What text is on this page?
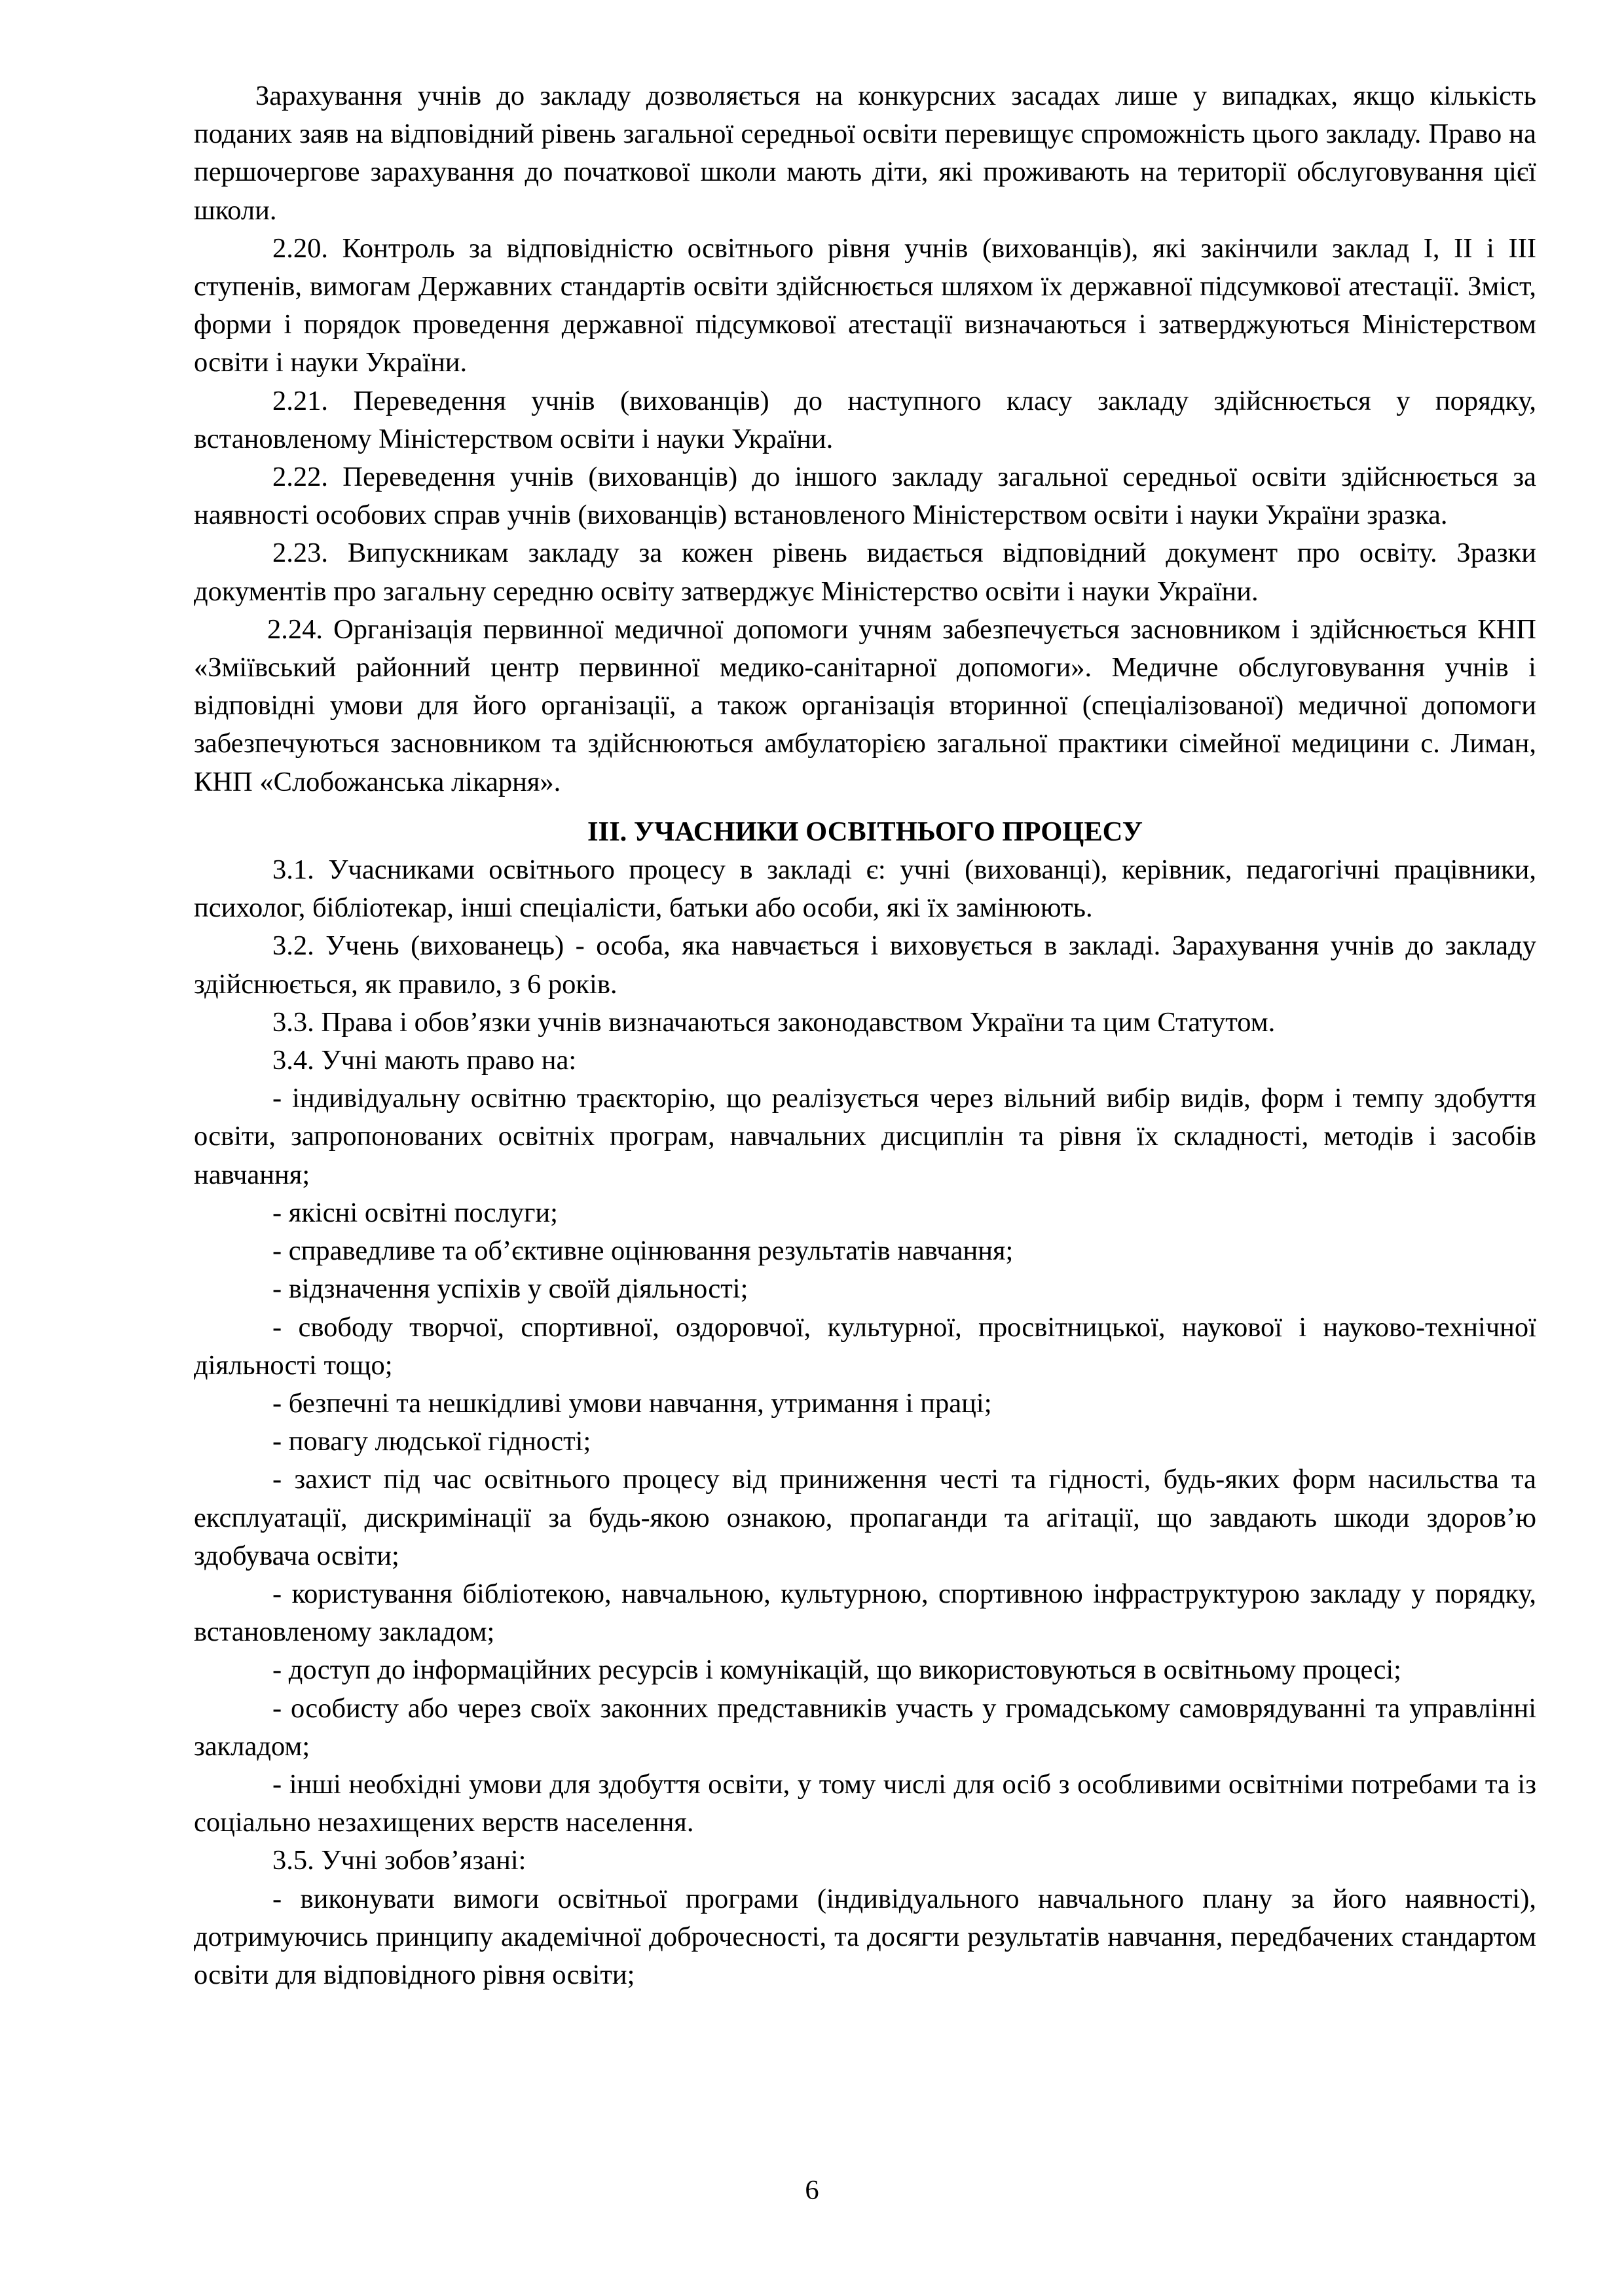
Зарахування учнів до закладу дозволяється на конкурсних засадах лише у випадках, якщо кількість поданих заяв на відповідний рівень загальної середньої освіти перевищує спроможність цього закладу. Право на першочергове зарахування до початкової школи мають діти, які проживають на території обслуговування цієї школи.

2.20. Контроль за відповідністю освітнього рівня учнів (вихованців), які закінчили заклад I, II і III ступенів, вимогам Державних стандартів освіти здійснюється шляхом їх державної підсумкової атестації. Зміст, форми і порядок проведення державної підсумкової атестації визначаються і затверджуються Міністерством освіти і науки України.

2.21. Переведення учнів (вихованців) до наступного класу закладу здійснюється у порядку, встановленому Міністерством освіти і науки України.

2.22. Переведення учнів (вихованців) до іншого закладу загальної середньої освіти здійснюється за наявності особових справ учнів (вихованців) встановленого Міністерством освіти і науки України зразка.

2.23. Випускникам закладу за кожен рівень видається відповідний документ про освіту. Зразки документів про загальну середню освіту затверджує Міністерство освіти і науки України.

2.24. Організація первинної медичної допомоги учням забезпечується засновником і здійснюється КНП «Зміївський районний центр первинної медико-санітарної допомоги». Медичне обслуговування учнів і відповідні умови для його організації, а також організація вторинної (спеціалізованої) медичної допомоги забезпечуються засновником та здійснюються амбулаторією загальної практики сімейної медицини с. Лиман, КНП «Слобожанська лікарня».

III. УЧАСНИКИ ОСВІТНЬОГО ПРОЦЕСУ

3.1. Учасниками освітнього процесу в закладі є: учні (вихованці), керівник, педагогічні працівники, психолог, бібліотекар, інші спеціалісти, батьки або особи, які їх замінюють.

3.2. Учень (вихованець) - особа, яка навчається і виховується в закладі. Зарахування учнів до закладу здійснюється, як правило, з 6 років.

3.3. Права і обов’язки учнів визначаються законодавством України та цим Статутом.

3.4. Учні мають право на:

- індивідуальну освітню траєкторію, що реалізується через вільний вибір видів, форм і темпу здобуття освіти, запропонованих освітніх програм, навчальних дисциплін та рівня їх складності, методів і засобів навчання;

- якісні освітні послуги;

- справедливе та об’єктивне оцінювання результатів навчання;

- відзначення успіхів у своїй діяльності;

- свободу творчої, спортивної, оздоровчої, культурної, просвітницької, наукової і науково-технічної діяльності тощо;

- безпечні та нешкідливі умови навчання, утримання і праці;

- повагу людської гідності;

- захист під час освітнього процесу від приниження честі та гідності, будь-яких форм насильства та експлуатації, дискримінації за будь-якою ознакою, пропаганди та агітації, що завдають шкоди здоров’ю здобувача освіти;

- користування бібліотекою, навчальною, культурною, спортивною інфраструктурою закладу у порядку, встановленому закладом;

- доступ до інформаційних ресурсів і комунікацій, що використовуються в освітньому процесі;

- особисту або через своїх законних представників участь у громадському самоврядуванні та управлінні закладом;

- інші необхідні умови для здобуття освіти, у тому числі для осіб з особливими освітніми потребами та із соціально незахищених верств населення.

3.5. Учні зобов’язані:

- виконувати вимоги освітньої програми (індивідуального навчального плану за його наявності), дотримуючись принципу академічної доброчесності, та досягти результатів навчання, передбачених стандартом освіти для відповідного рівня освіти;

6
